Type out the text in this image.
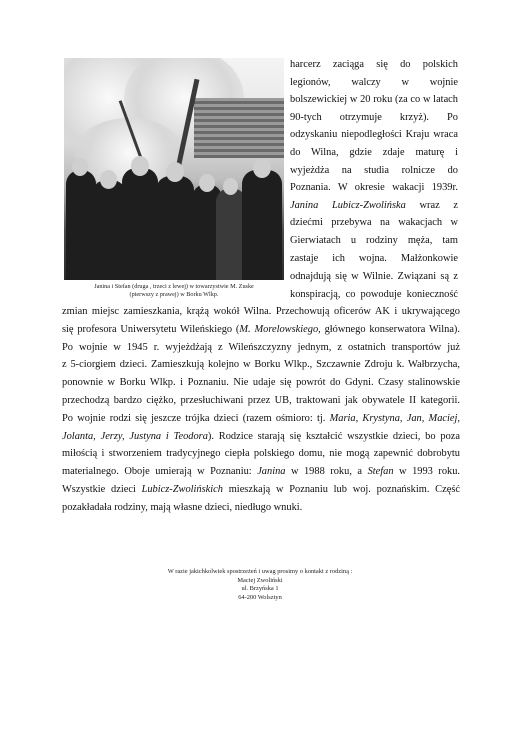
Janina i Stefan (druga , trzeci z lewej) w towarzystwie M. Zuske
(pierwszy z prawej) w Borku Wlkp.
harcerz zaciąga się do polskich
legionów, walczy w wojnie
bolszewickiej w 20 roku (za co w latach
90-tych otrzymuje krzyż). Po
odzyskaniu niepodległości Kraju wraca
do Wilna, gdzie zdaje maturę i
wyjeżdża na studia rolnicze do
Poznania. W okresie wakacji 1939r.
Janina Lubicz-Zwolińska wraz z
dziećmi przebywa na wakacjach w
Gierwiatach u rodziny męża, tam
zastaje ich wojna. Małżonkowie
odnajdują się w Wilnie. Związani są z
konspiracją, co powoduje konieczność
zmian miejsc zamieszkania, krążą wokół Wilna. Przechowują oficerów AK i ukrywającego
się profesora Uniwersytetu Wileńskiego (M. Morelowskiego, głównego konserwatora Wilna).
Po wojnie w 1945 r. wyjeżdżają z Wileńszczyzny jednym, z ostatnich transportów już
z 5-ciorgiem dzieci. Zamieszkują kolejno w Borku Wlkp., Szczawnie Zdroju k. Wałbrzycha,
ponownie w Borku Wlkp. i Poznaniu. Nie udaje się powrót do Gdyni. Czasy stalinowskie
przechodzą bardzo ciężko, przesłuchiwani przez UB, traktowani jak obywatele II kategorii.
Po wojnie rodzi się jeszcze trójka dzieci (razem ośmioro: tj. Maria, Krystyna, Jan, Maciej,
Jolanta, Jerzy, Justyna i Teodora). Rodzice starają się kształcić wszystkie dzieci, bo poza
miłością i stworzeniem tradycyjnego ciepła polskiego domu, nie mogą zapewnić dobrobytu
materialnego. Oboje umierają w Poznaniu: Janina w 1988 roku, a Stefan w 1993 roku.
Wszystkie dzieci Lubicz-Zwolińskich mieszkają w Poznaniu lub woj. poznańskim. Część
pozakładała rodziny, mają własne dzieci, niedługo wnuki.
W razie jakichkolwiek spostrzeżeń i uwag prosimy o kontakt z rodziną :
Maciej Zwoliński
ul. Brzyńska 1
64-200 Wolsztyn
